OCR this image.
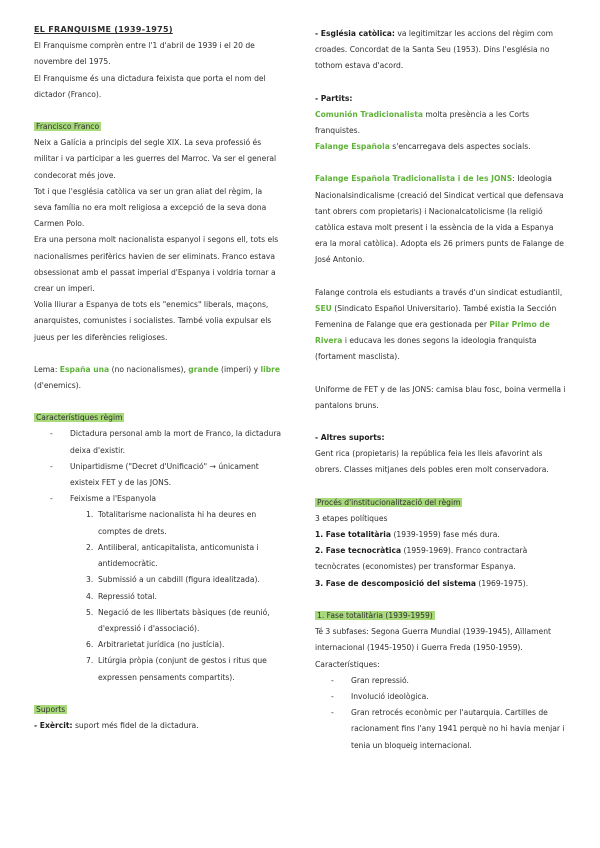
EL FRANQUISME (1939-1975)

El Franquisme comprèn entre l'1 d'abril de 1939 i el 20 de novembre del 1975.

El Franquisme és una dictadura feixista que porta el nom del dictador (Franco).

Francisco Franco

Neix a Galícia a principis del segle XIX. La seva professió és militar i va participar a les guerres del Marroc. Va ser el general condecorat més jove.

Tot i que l'església catòlica va ser un gran aliat del règim, la seva família no era molt religiosa a excepció de la seva dona Carmen Polo.

Era una persona molt nacionalista espanyol i segons ell, tots els nacionalismes perifèrics havien de ser eliminats. Franco estava obsessionat amb el passat imperial d'Espanya i voldria tornar a crear un imperi.

Volia lliurar a Espanya de tots els "enemics" liberals, maçons, anarquistes, comunistes i socialistes. També volia expulsar els jueus per les diferències religioses.

Lema: España una (no nacionalismes), grande (imperi) y libre (d'enemics).

Característiques règim

- Dictadura personal amb la mort de Franco, la dictadura deixa d'existir.
- Unipartidisme ("Decret d'Unificació" → únicament existeix FET y de las JONS.
- Feixisme a l'Espanyola
1. Totalitarisme nacionalista hi ha deures en comptes de drets.
2. Antiliberal, anticapitalista, anticomunista i antidemocràtic.
3. Submissió a un cabdill (figura idealitzada).
4. Repressió total.
5. Negació de les llibertats bàsiques (de reunió, d'expressió i d'associació).
6. Arbitrarietat jurídica (no justícia).
7. Litúrgia pròpia (conjunt de gestos i ritus que expressen pensaments compartits).

Suports

- Exèrcit: suport més fidel de la dictadura.

- Església catòlica: va legitimitzar les accions del règim com croades. Concordat de la Santa Seu (1953). Dins l'església no tothom estava d'acord.

- Partits:

Comunión Tradicionalista molta presència a les Corts franquistes.

Falange Española s'encarregava dels aspectes socials.

Falange Española Tradicionalista i de les JONS: Ideologia Nacionalsindicalisme (creació del Sindicat vertical que defensava tant obrers com propietaris) i Nacionalcatolicisme (la religió catòlica estava molt present i la essència de la vida a Espanya era la moral catòlica). Adopta els 26 primers punts de Falange de José Antonio.

Falange controla els estudiants a través d'un sindicat estudiantil, SEU (Sindicato Español Universitario). També existia la Sección Femenina de Falange que era gestionada per Pilar Primo de Rivera i educava les dones segons la ideologia franquista (fortament masclista).

Uniforme de FET y de las JONS: camisa blau fosc, boina vermella i pantalons bruns.

- Altres suports:

Gent rica (propietaris) la república feia les lleis afavorint als obrers. Classes mitjanes dels pobles eren molt conservadora.

Procés d'institucionalització del règim

3 etapes polítiques

1. Fase totalitària (1939-1959) fase més dura.

2. Fase tecnocràtica (1959-1969). Franco contractarà tecnòcrates (economistes) per transformar Espanya.

3. Fase de descomposició del sistema (1969-1975).

1. Fase totalitària (1939-1959)

Té 3 subfases: Segona Guerra Mundial (1939-1945), Aïllament internacional (1945-1950) i Guerra Freda (1950-1959).

Característiques:

- Gran repressió.
- Involució ideològica.
- Gran retrocés econòmic per l'autarquia. Cartilles de racionament fins l'any 1941 perquè no hi havia menjar i tenia un bloqueig internacional.
